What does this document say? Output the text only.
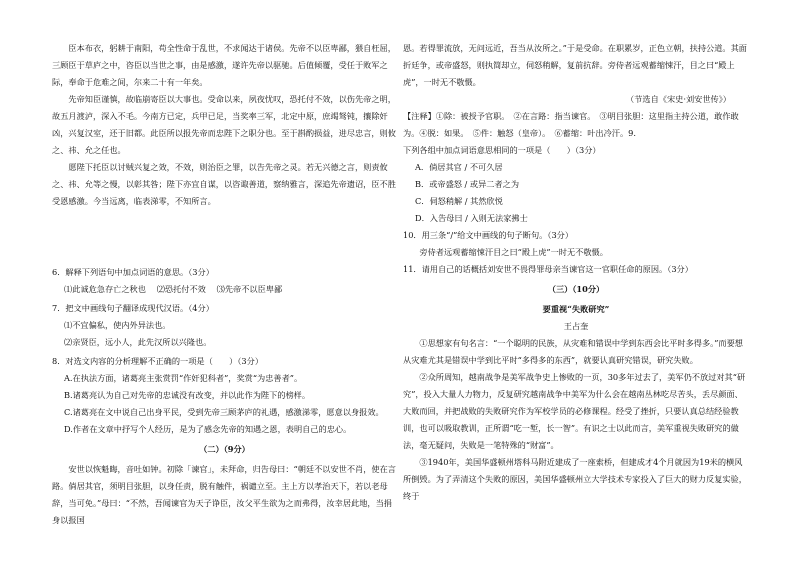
臣本布衣，躬耕于南阳，苟全性命于乱世，不求闻达于诸侯。先帝不以臣卑鄙，猥自枉屈，三顾臣于草庐之中，咨臣以当世之事，由是感激，遂许先帝以驱驰。后值倾覆，受任于败军之际，奉命于危难之间，尔来二十有一年矣。

先帝知臣谨慎，故临崩寄臣以大事也。受命以来，夙夜忧叹，恐托付不效，以伤先帝之明，故五月渡泸，深入不毛。今南方已定，兵甲已足，当奖率三军，北定中原，庶竭驽钝，攘除奸凶，兴复汉室，还于旧都。此臣所以报先帝而忠陛下之职分也。至于斟酌损益，进尽忠言，则攸之、祎、允之任也。

愿陛下托臣以讨贼兴复之效，不效，则治臣之罪，以告先帝之灵。若无兴德之言，则责攸之、祎、允等之慢，以彰其咎；陛下亦宜自谋，以咨诹善道，察纳雅言，深追先帝遗诏，臣不胜受恩感激。今当远离，临表涕零，不知所言。

6．解释下列语句中加点词语的意思。（3分）

⑴此诚危急存亡之秋也　 ⑵恐托付不效　 ⑶先帝不以臣卑鄙

7．把文中画线句子翻译成现代汉语。（4分）

⑴不宜偏私，使内外异法也。

⑵亲贤臣，远小人，此先汉所以兴隆也。

8．对选文内容的分析理解不正确的一项是（　　）（3分）

A.在执法方面，诸葛亮主张赏罚“作奸犯科者”，奖赏“为忠善者”。

B.诸葛亮认为自己对先帝的忠诚没有改变，并以此作为陛下的榜样。

C.诸葛亮在文中说自己出身平民，受到先帝三顾茅庐的礼遇，感激涕零，愿意以身报效。

D.作者在文章中抒写个人经历，是为了感念先帝的知遇之恩，表明自己的忠心。

（二）（9分）

安世以恢魁晦，音吐如钟。初除「谏官」，未拜命，归告母曰：“朝廷不以安世不肖，使在言路。倘居其官，须明目张胆，以身任责，脱有触件，祸谴立至。主上方以孝治天下，若以老母辞，当可免。”母曰：“不然，吾闻谏官为天子诤臣，汝父平生欲为之而弗得，汝幸居此地，当捐身以报国

恩。若得罪流放，无问远近，吾当从汝所之。”于是受命。在职累岁，正色立朝，扶持公道。其面折廷争，或帝盛怒，则执简却立，伺怒稍解，复前抗辞。旁侍者远观蓄缩悚汗，目之曰“殿上虎”，一时无不敬慑。

（节选自《宋史·刘安世传》）

【注释】①除：被授予官职。　②在言路：指当谏官。　③明目张胆：这里指主持公道，敢作敢为。④脱：如果。　⑤件：触怒（皇帝）。　⑥蓄缩：叶出冷汗。9.

下列各组中加点词语意思相同的一项是（　　）（3分）

A．倘居其官 / 不可久居

B．或帝盛怒 / 或异二者之为

C．伺怒稍解 / 其然欣悦

D．入告母曰 / 入则无法家拂士

10．用三条“/”给文中画线的句子断句。（3分）

旁侍者远观蓄缩悚汗目之曰“殿上虎”一时无不敬慑。

11．请用自己的话概括刘安世不畏得罪母亲当谏官这一官职任命的原因。（3分）

（三）（10分）

要重视“失败研究”

王占奎

①思想家有句名言：“一个聪明的民族，从灾难和错误中学到东西会比平时多得多。”而要想从灾难尤其是错误中学到比平时“多得多的东西”，就要认真研究错误，研究失败。

②众所周知，越南战争是美军战争史上惨败的一页，30多年过去了，美军仍不放过对其“研究”，投入大量人力物力，反复研究越南战争中美军为什么会在越南丛林吃尽苦头，丢尽颜面、大败而回，并把战败的失败研究作为军校学员的必修课程。经受了挫折，只要认真总结经验教训，也可以吸取教训，正所谓“吃一堑，长一智”。有识之士以此而言，美军重视失败研究的做法，毫无疑问，失败是一笔特殊的“财富”。

③1940年，美国华盛顿州塔科马附近建成了一座索桥，但建成才4个月就因为19米的横风所倒毁。为了弄清这个失败的原因，美国华盛顿州立大学技术专家投入了巨大的财力反复实验，终于
